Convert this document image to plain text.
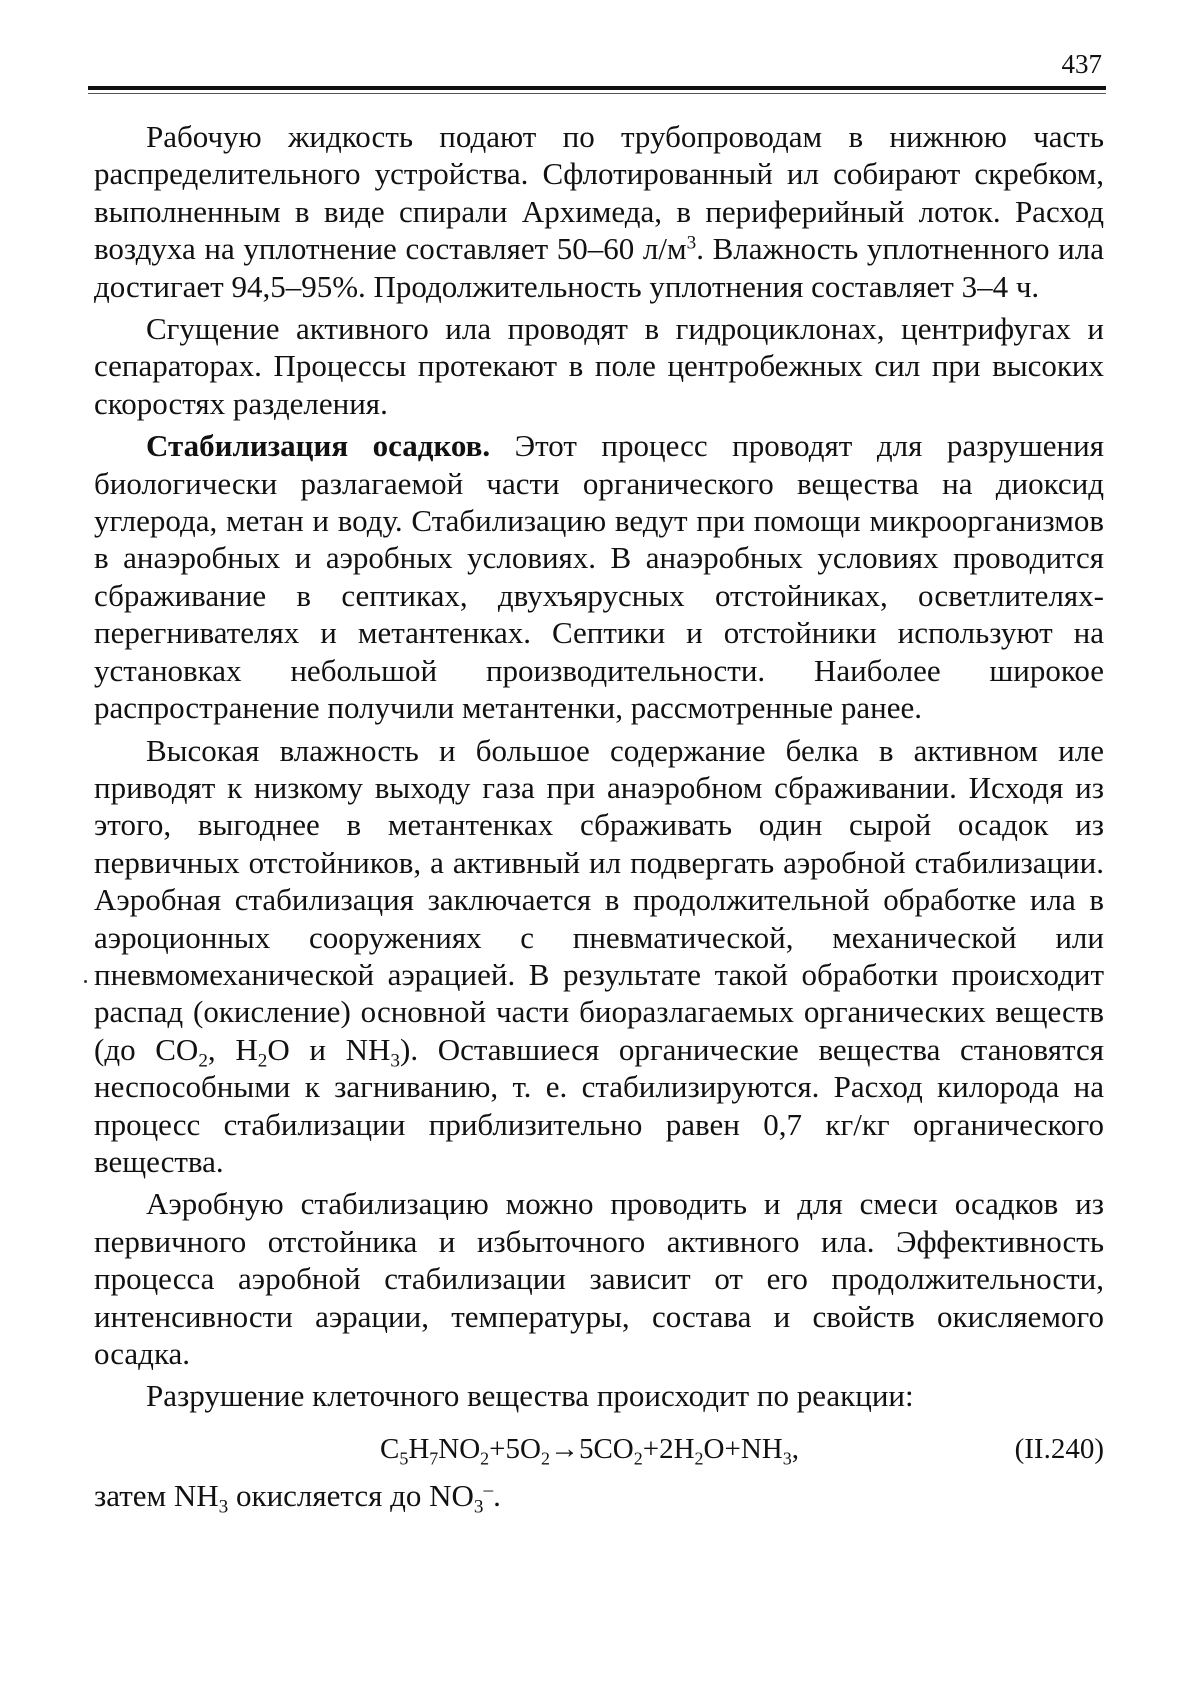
437

Рабочую жидкость подают по трубопроводам в нижнюю часть распределительного устройства. Сфлотированный ил собирают скребком, выполненным в виде спирали Архимеда, в периферийный лоток. Расход воздуха на уплотнение составляет 50–60 $л/м^3$. Влажность уплотненного ила достигает 94,5–95%. Продолжительность уплотнения составляет 3–4 ч.

Сгущение активного ила проводят в гидроциклонах, центрифугах и сепараторах. Процессы протекают в поле центробежных сил при высоких скоростях разделения.

Стабилизация осадков. Этот процесс проводят для разрушения биологически разлагаемой части органического вещества на диоксид углерода, метан и воду. Стабилизацию ведут при помощи микроорганизмов в анаэробных и аэробных условиях. В анаэробных условиях проводится сбраживание в септиках, двухъярусных отстойниках, осветлителях-перегнивателях и метантенках. Септики и отстойники используют на установках небольшой производительности. Наиболее широкое распространение получили метантенки, рассмотренные ранее.

Высокая влажность и большое содержание белка в активном иле приводят к низкому выходу газа при анаэробном сбраживании. Исходя из этого, выгоднее в метантенках сбраживать один сырой осадок из первичных отстойников, а активный ил подвергать аэробной стабилизации. Аэробная стабилизация заключается в продолжительной обработке ила в аэроционных сооружениях с пневматической, механической или пневмомеханической аэрацией. В результате такой обработки происходит распад (окисление) основной части биоразлагаемых органических веществ (до $CO_2$, $H_2O$ и $NH_3$). Оставшиеся органические вещества становятся неспособными к загниванию, т. е. стабилизируются. Расход килорода на процесс стабилизации приблизительно равен 0,7 кг/кг органического вещества.

Аэробную стабилизацию можно проводить и для смеси осадков из первичного отстойника и избыточного активного ила. Эффективность процесса аэробной стабилизации зависит от его продолжительности, интенсивности аэрации, температуры, состава и свойств окисляемого осадка.

Разрушение клеточного вещества происходит по реакции:

$C_5H_7NO_2+5O_2\to 5CO_2+2H_2O+NH_3$,	(II.240)
затем $NH_3$ окисляется до $NO_3^-$.
